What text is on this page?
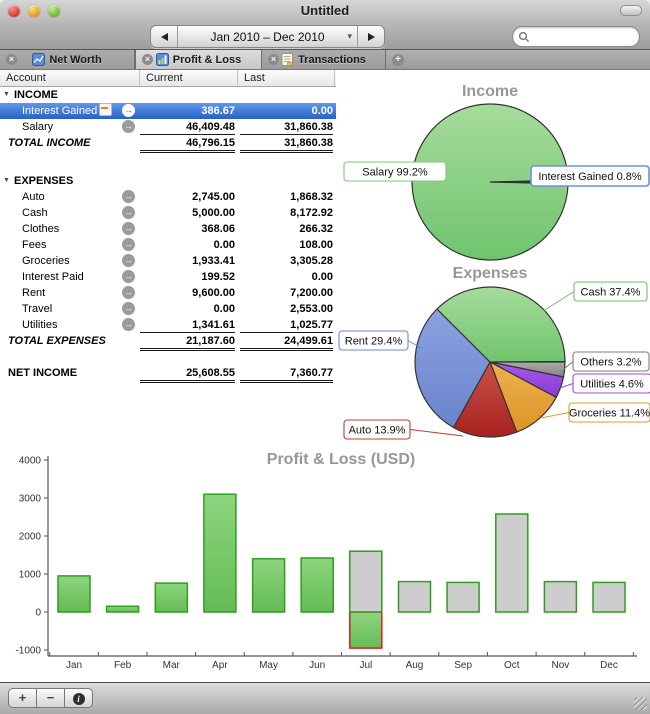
Untitled
Jan 2010 – Dec 2010	▾
×	Net Worth	× Profit & Loss	× Transactions	+
Income
Interest Gained 0.8%
Salary 99.2%
Expenses
Others 3.2%
Utilities 4.6%
Groceries 11.4%
Auto 13.9%
Rent 29.4%
Cash 37.4%
Profit & Loss (USD)
4000
3000
2000
1000
0
-1000
Jan	Feb	Mar	Apr	May	Jun	Jul	Aug	Sep	Oct	Nov	Dec
Account	Current	Last
▼ INCOME
Interest Gained	→	386.67	0.00
Salary	→	46,409.48	31,860.38
TOTAL INCOME	46,796.15	31,860.38
▼ EXPENSES
Auto	→	2,745.00	1,868.32
Cash	→	5,000.00	8,172.92
Clothes	→	368.06	266.32
Fees	→	0.00	108.00
Groceries	→	1,933.41	3,305.28
Interest Paid	→	199.52	0.00
Rent	→	9,600.00	7,200.00
Travel	→	0.00	2,553.00
Utilities	→	1,341.61	1,025.77
TOTAL EXPENSES	21,187.60	24,499.61
NET INCOME	25,608.55	7,360.77
+	−	i
